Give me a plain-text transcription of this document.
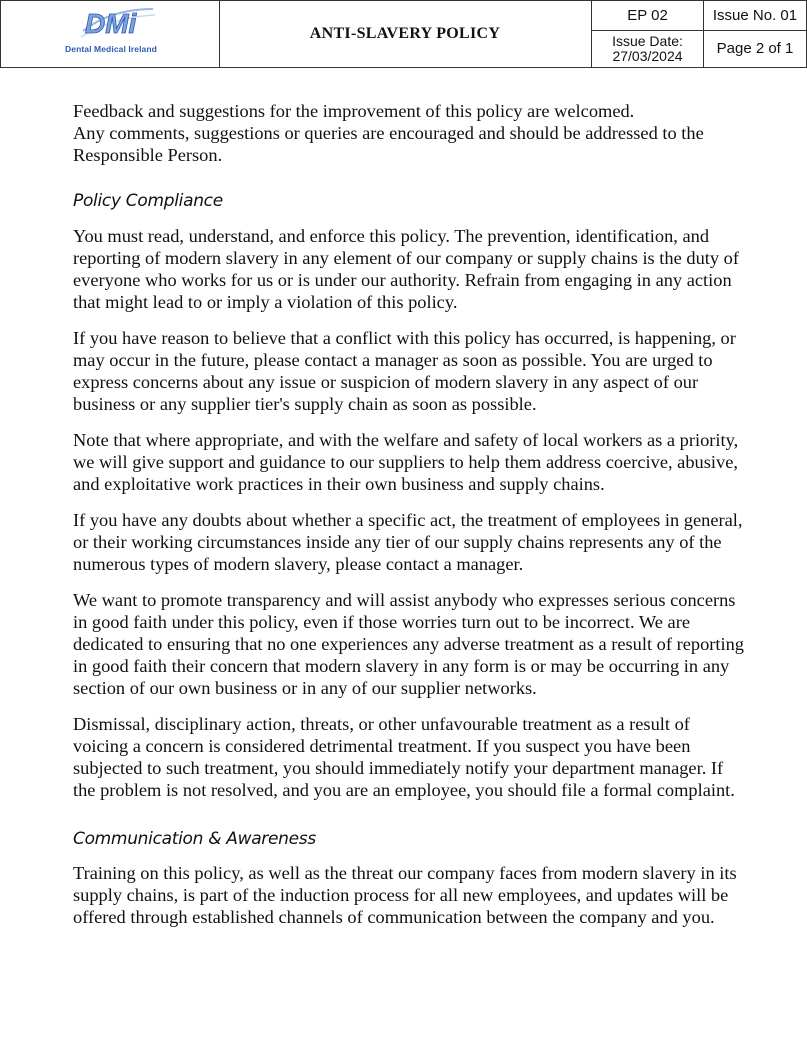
DMi
Dental Medical Ireland
ANTI-SLAVERY POLICY
EP 02	Issue No. 01
Issue Date:
27/03/2024	Page 2 of 1

Feedback and suggestions for the improvement of this policy are welcomed.
Any comments, suggestions or queries are encouraged and should be addressed to the Responsible Person.

Policy Compliance

You must read, understand, and enforce this policy. The prevention, identification, and reporting of modern slavery in any element of our company or supply chains is the duty of everyone who works for us or is under our authority. Refrain from engaging in any action that might lead to or imply a violation of this policy.

If you have reason to believe that a conflict with this policy has occurred, is happening, or may occur in the future, please contact a manager as soon as possible. You are urged to express concerns about any issue or suspicion of modern slavery in any aspect of our business or any supplier tier's supply chain as soon as possible.

Note that where appropriate, and with the welfare and safety of local workers as a priority, we will give support and guidance to our suppliers to help them address coercive, abusive, and exploitative work practices in their own business and supply chains.

If you have any doubts about whether a specific act, the treatment of employees in general, or their working circumstances inside any tier of our supply chains represents any of the numerous types of modern slavery, please contact a manager.

We want to promote transparency and will assist anybody who expresses serious concerns in good faith under this policy, even if those worries turn out to be incorrect. We are dedicated to ensuring that no one experiences any adverse treatment as a result of reporting in good faith their concern that modern slavery in any form is or may be occurring in any section of our own business or in any of our supplier networks.

Dismissal, disciplinary action, threats, or other unfavourable treatment as a result of voicing a concern is considered detrimental treatment. If you suspect you have been subjected to such treatment, you should immediately notify your department manager. If the problem is not resolved, and you are an employee, you should file a formal complaint.

Communication & Awareness

Training on this policy, as well as the threat our company faces from modern slavery in its supply chains, is part of the induction process for all new employees, and updates will be offered through established channels of communication between the company and you.
